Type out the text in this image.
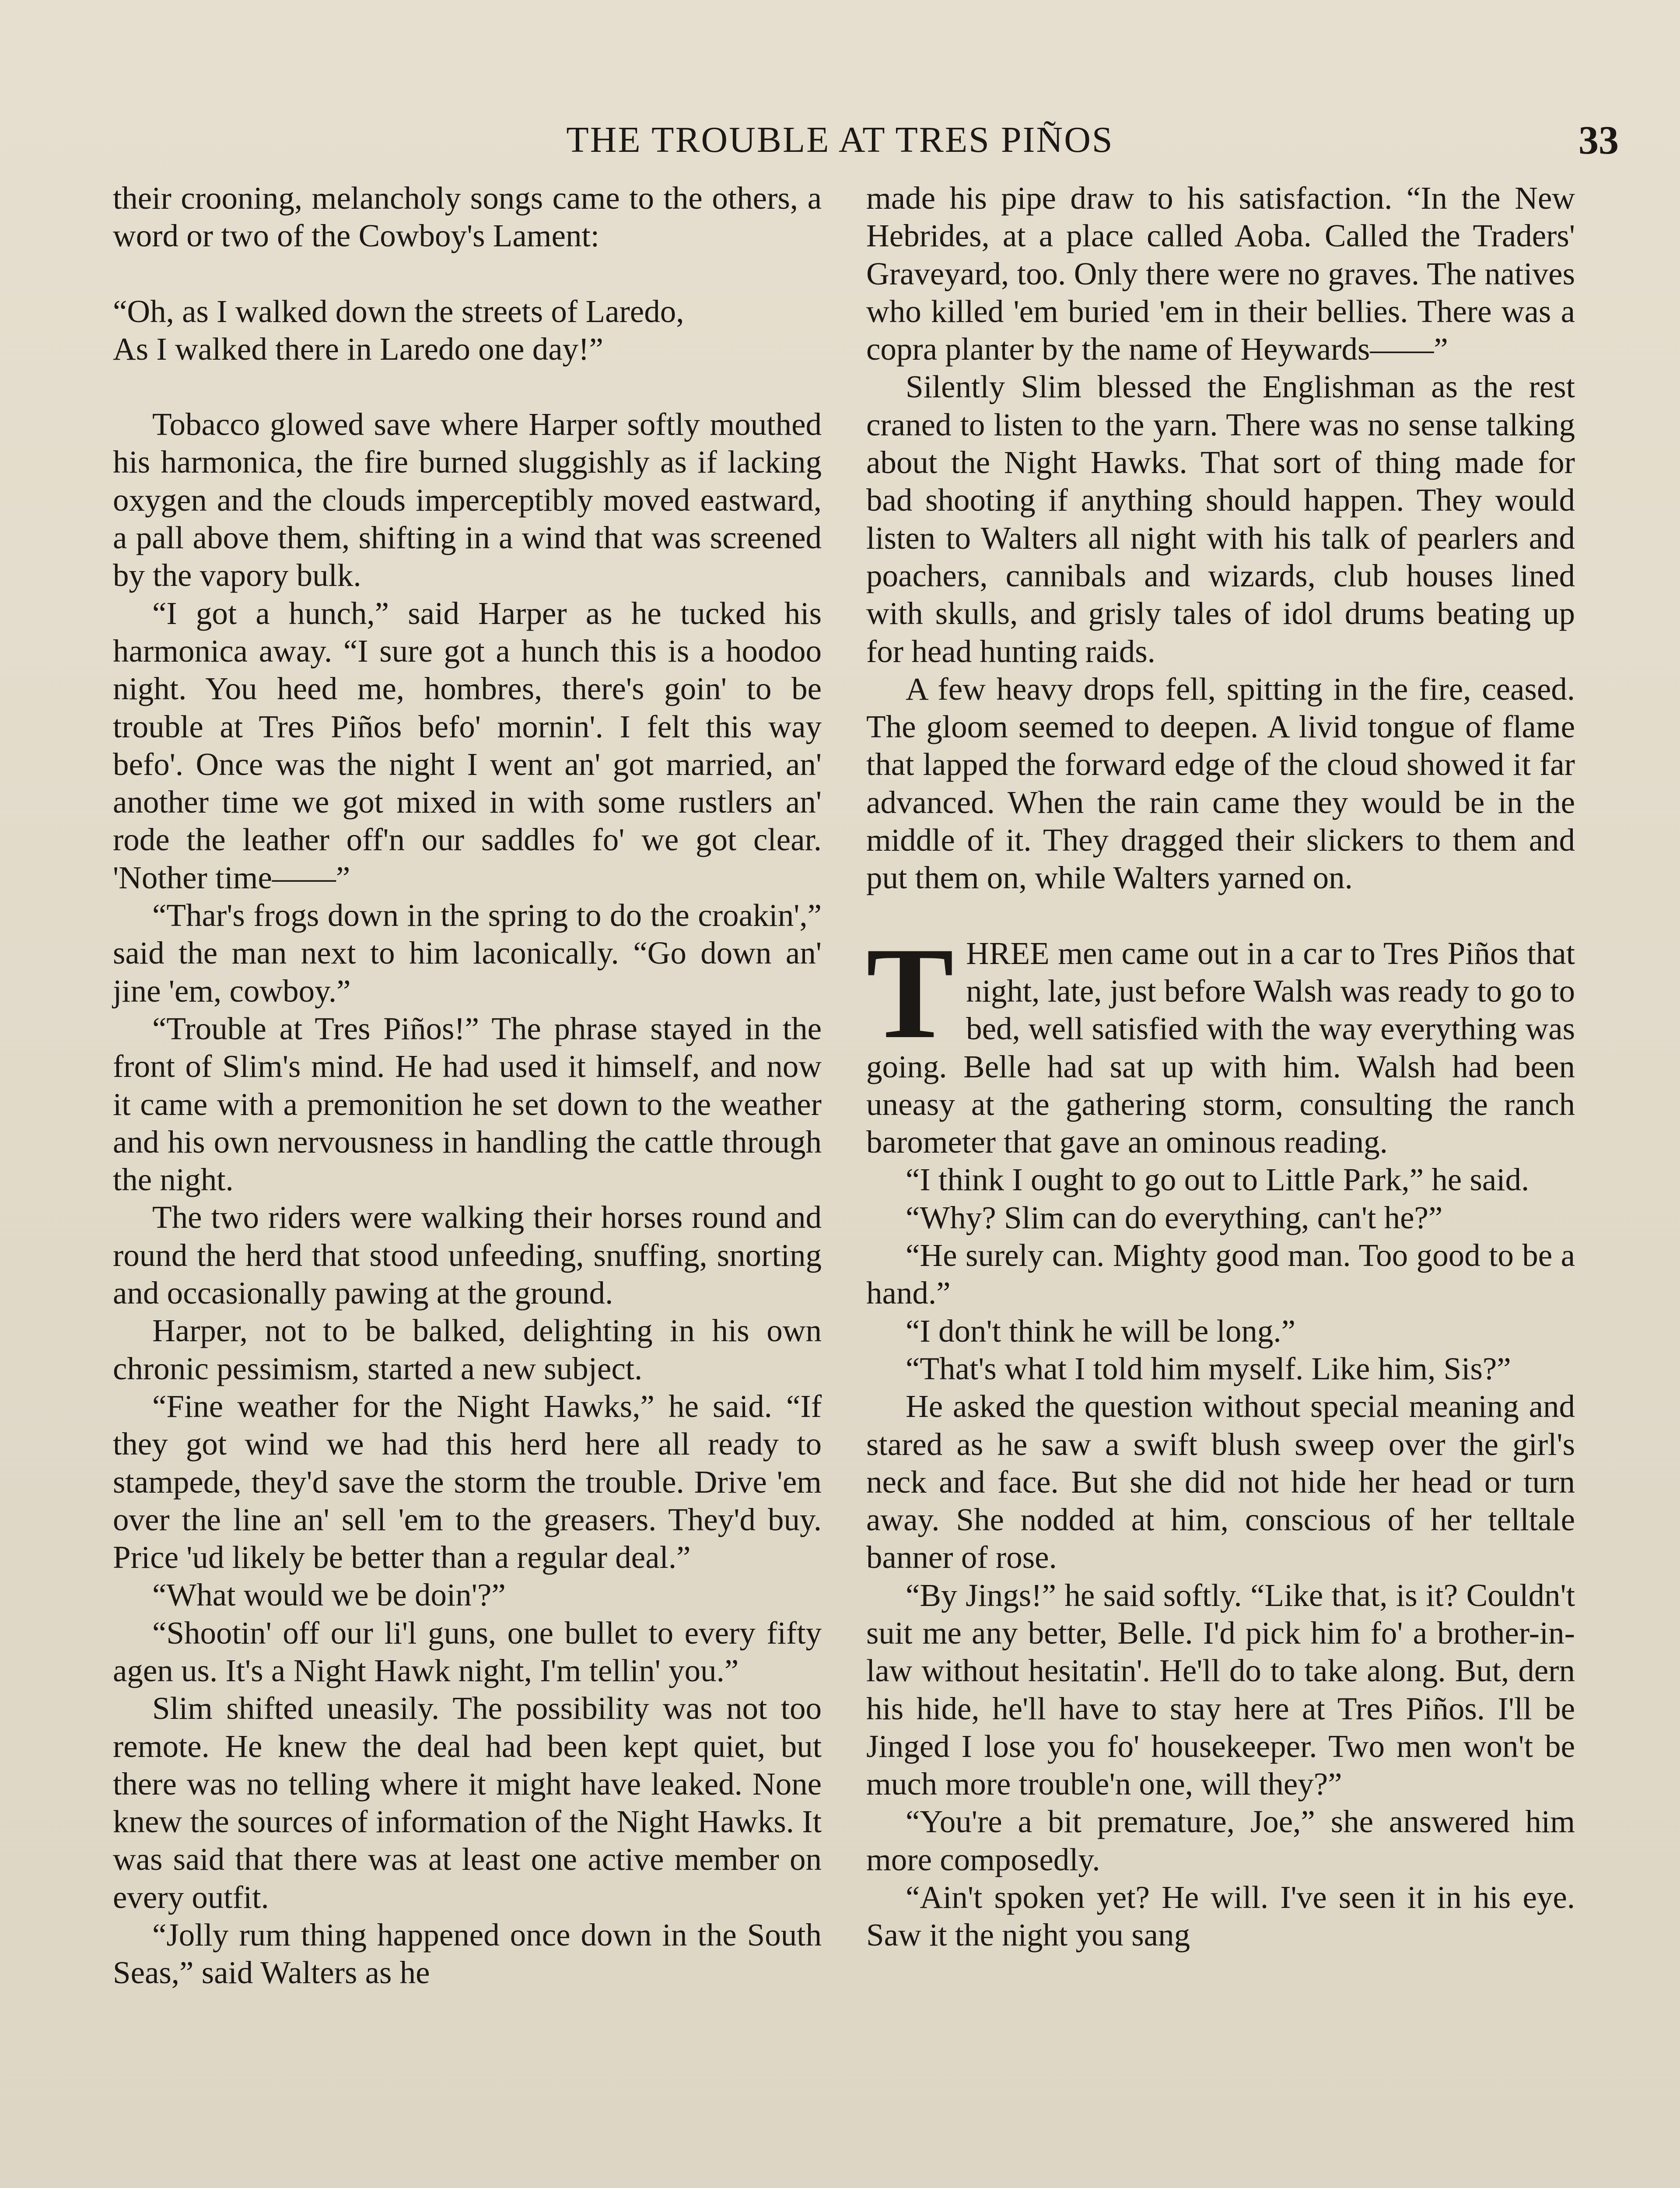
THE TROUBLE AT TRES PIÑOS	33

their crooning, melancholy songs came to the others, a word or two of the Cowboy's Lament:

“Oh, as I walked down the streets of Laredo,

As I walked there in Laredo one day!”

Tobacco glowed save where Harper softly mouthed his harmonica, the fire burned sluggishly as if lacking oxygen and the clouds imperceptibly moved eastward, a pall above them, shifting in a wind that was screened by the vapory bulk.

“I got a hunch,” said Harper as he tucked his harmonica away. “I sure got a hunch this is a hoodoo night. You heed me, hombres, there's goin' to be trouble at Tres Piños befo' mornin'. I felt this way befo'. Once was the night I went an' got married, an' another time we got mixed in with some rustlers an' rode the leather off'n our saddles fo' we got clear. 'Nother time——”

“Thar's frogs down in the spring to do the croakin',” said the man next to him laconically. “Go down an' jine 'em, cowboy.”

“Trouble at Tres Piños!” The phrase stayed in the front of Slim's mind. He had used it himself, and now it came with a premonition he set down to the weather and his own nervousness in handling the cattle through the night.

The two riders were walking their horses round and round the herd that stood unfeeding, snuffing, snorting and occasionally pawing at the ground.

Harper, not to be balked, delighting in his own chronic pessimism, started a new subject.

“Fine weather for the Night Hawks,” he said. “If they got wind we had this herd here all ready to stampede, they'd save the storm the trouble. Drive 'em over the line an' sell 'em to the greasers. They'd buy. Price 'ud likely be better than a regular deal.”

“What would we be doin'?”

“Shootin' off our li'l guns, one bullet to every fifty agen us. It's a Night Hawk night, I'm tellin' you.”

Slim shifted uneasily. The possibility was not too remote. He knew the deal had been kept quiet, but there was no telling where it might have leaked. None knew the sources of information of the Night Hawks. It was said that there was at least one active member on every outfit.

“Jolly rum thing happened once down in the South Seas,” said Walters as he

made his pipe draw to his satisfaction. “In the New Hebrides, at a place called Aoba. Called the Traders' Graveyard, too. Only there were no graves. The natives who killed 'em buried 'em in their bellies. There was a copra planter by the name of Heywards——”

Silently Slim blessed the Englishman as the rest craned to listen to the yarn. There was no sense talking about the Night Hawks. That sort of thing made for bad shooting if anything should happen. They would listen to Walters all night with his talk of pearlers and poachers, cannibals and wizards, club houses lined with skulls, and grisly tales of idol drums beating up for head hunting raids.

A few heavy drops fell, spitting in the fire, ceased. The gloom seemed to deepen. A livid tongue of flame that lapped the forward edge of the cloud showed it far advanced. When the rain came they would be in the middle of it. They dragged their slickers to them and put them on, while Walters yarned on.

THREE men came out in a car to Tres Piños that night, late, just before Walsh was ready to go to bed, well satisfied with the way everything was going. Belle had sat up with him. Walsh had been uneasy at the gathering storm, consulting the ranch barometer that gave an ominous reading.

“I think I ought to go out to Little Park,” he said.

“Why? Slim can do everything, can't he?”

“He surely can. Mighty good man. Too good to be a hand.”

“I don't think he will be long.”

“That's what I told him myself. Like him, Sis?”

He asked the question without special meaning and stared as he saw a swift blush sweep over the girl's neck and face. But she did not hide her head or turn away. She nodded at him, conscious of her telltale banner of rose.

“By Jings!” he said softly. “Like that, is it? Couldn't suit me any better, Belle. I'd pick him fo' a brother-in-law without hesitatin'. He'll do to take along. But, dern his hide, he'll have to stay here at Tres Piños. I'll be Jinged I lose you fo' housekeeper. Two men won't be much more trouble'n one, will they?”

“You're a bit premature, Joe,” she answered him more composedly.

“Ain't spoken yet? He will. I've seen it in his eye. Saw it the night you sang
